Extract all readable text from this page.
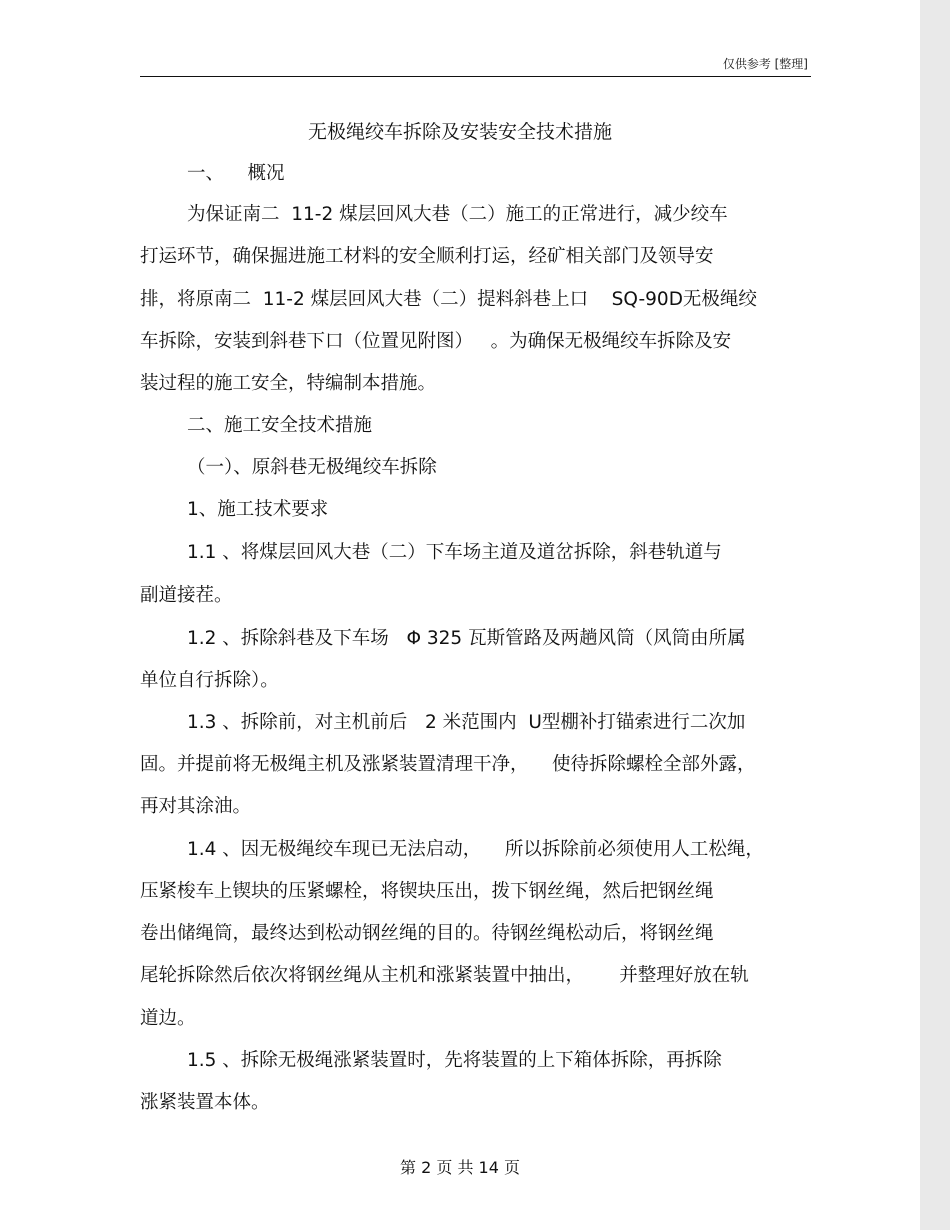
仅供参考 [整理]
无极绳绞车拆除及安装安全技术措施
一、    概况
为保证南二  11-2 煤层回风大巷（二）施工的正常进行，减少绞车
打运环节，确保掘进施工材料的安全顺利打运，经矿相关部门及领导安
排，将原南二  11-2 煤层回风大巷（二）提料斜巷上口    SQ-90D无极绳绞
车拆除，安装到斜巷下口（位置见附图）   。为确保无极绳绞车拆除及安
装过程的施工安全，特编制本措施。
二、施工安全技术措施
（一）、原斜巷无极绳绞车拆除
1、施工技术要求
1.1 、将煤层回风大巷（二）下车场主道及道岔拆除，斜巷轨道与
副道接茬。
1.2 、拆除斜巷及下车场   Φ 325 瓦斯管路及两趟风筒（风筒由所属
单位自行拆除）。
1.3 、拆除前，对主机前后   2 米范围内  U型棚补打锚索进行二次加
固。并提前将无极绳主机及涨紧装置清理干净，    使待拆除螺栓全部外露，
再对其涂油。
1.4 、因无极绳绞车现已无法启动，    所以拆除前必须使用人工松绳，
压紧梭车上锲块的压紧螺栓，将锲块压出，拨下钢丝绳，然后把钢丝绳
卷出储绳筒，最终达到松动钢丝绳的目的。待钢丝绳松动后，将钢丝绳
尾轮拆除然后依次将钢丝绳从主机和涨紧装置中抽出，      并整理好放在轨
道边。
1.5 、拆除无极绳涨紧装置时，先将装置的上下箱体拆除，再拆除
涨紧装置本体。
第 2 页 共 14 页
